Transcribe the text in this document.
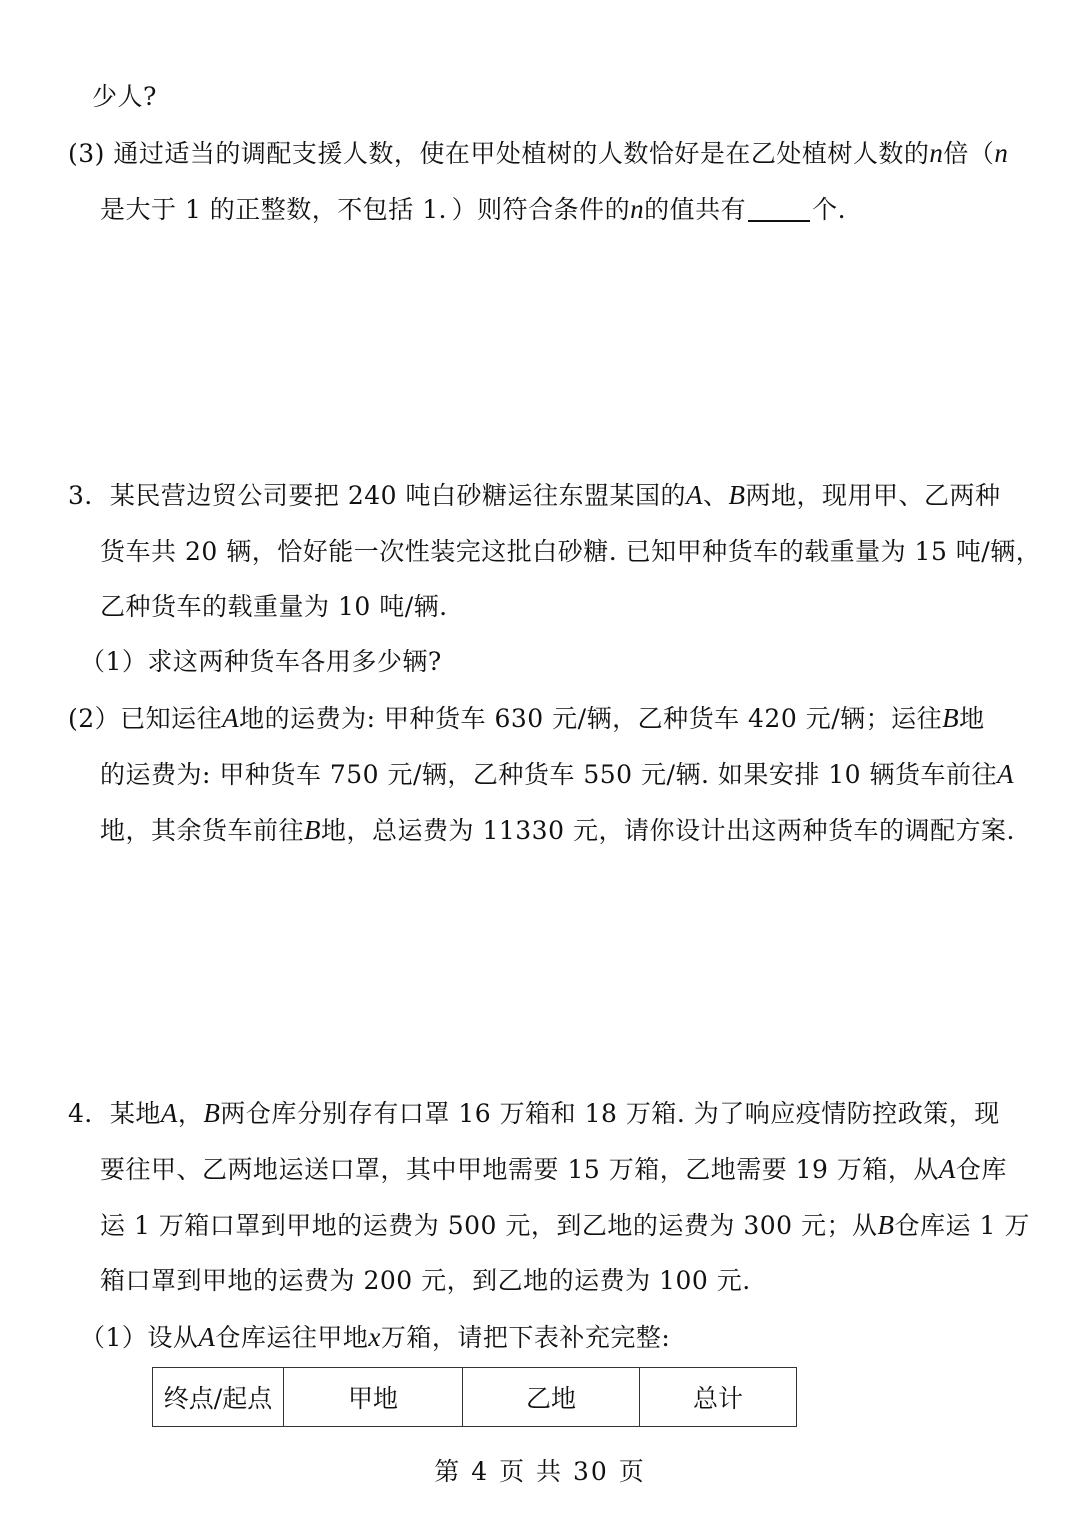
少人?
(3) 通过适当的调配支援人数，使在甲处植树的人数恰好是在乙处植树人数的n倍（n
是大于 1 的正整数，不包括 1．）则符合条件的n的值共有	个.
3．某民营边贸公司要把 240 吨白砂糖运往东盟某国的A、B两地，现用甲、乙两种
货车共 20 辆，恰好能一次性装完这批白砂糖. 已知甲种货车的载重量为 15 吨/辆，
乙种货车的载重量为 10 吨/辆.
（1）求这两种货车各用多少辆?
(2）已知运往A地的运费为: 甲种货车 630 元/辆，乙种货车 420 元/辆；运往B地
的运费为: 甲种货车 750 元/辆，乙种货车 550 元/辆. 如果安排 10 辆货车前往A
地，其余货车前往B地，总运费为 11330 元，请你设计出这两种货车的调配方案.
4．某地A，B两仓库分别存有口罩 16 万箱和 18 万箱. 为了响应疫情防控政策，现
要往甲、乙两地运送口罩，其中甲地需要 15 万箱，乙地需要 19 万箱，从A仓库
运 1 万箱口罩到甲地的运费为 500 元，到乙地的运费为 300 元；从B仓库运 1 万
箱口罩到甲地的运费为 200 元，到乙地的运费为 100 元.
（1）设从A仓库运往甲地x万箱，请把下表补充完整:
终点/起点	甲地	乙地	总计
第 4 页 共 30 页
